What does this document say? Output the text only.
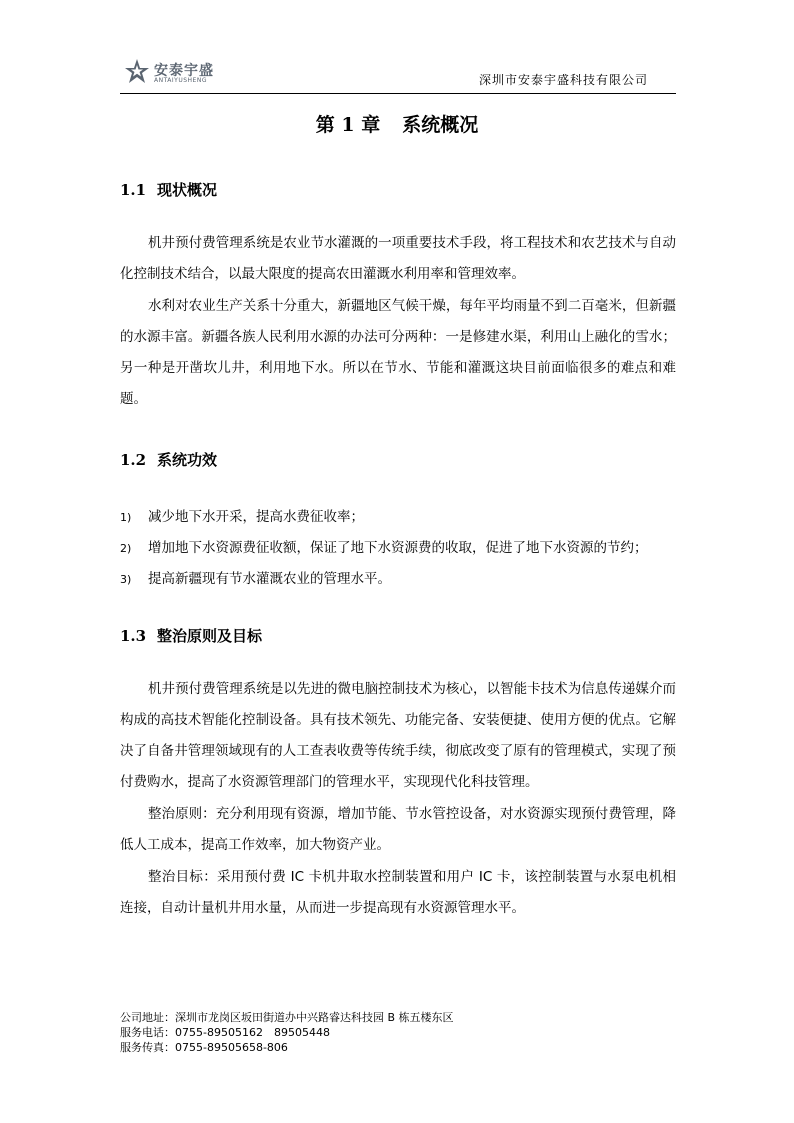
安泰宇盛
ANTAIYUSHENG	深圳市安泰宇盛科技有限公司
第 1 章 系统概况
1.1 现状概况

机井预付费管理系统是农业节水灌溉的一项重要技术手段，将工程技术和农艺技术与自动化控制技术结合，以最大限度的提高农田灌溉水利用率和管理效率。

水利对农业生产关系十分重大，新疆地区气候干燥，每年平均雨量不到二百毫米，但新疆的水源丰富。新疆各族人民利用水源的办法可分两种：一是修建水渠，利用山上融化的雪水；另一种是开凿坎儿井，利用地下水。所以在节水、节能和灌溉这块目前面临很多的难点和难题。

1.2 系统功效
1) 减少地下水开采，提高水费征收率；
2) 增加地下水资源费征收额，保证了地下水资源费的收取，促进了地下水资源的节约；
3) 提高新疆现有节水灌溉农业的管理水平。
1.3 整治原则及目标

机井预付费管理系统是以先进的微电脑控制技术为核心，以智能卡技术为信息传递媒介而构成的高技术智能化控制设备。具有技术领先、功能完备、安装便捷、使用方便的优点。它解决了自备井管理领域现有的人工查表收费等传统手续，彻底改变了原有的管理模式，实现了预付费购水，提高了水资源管理部门的管理水平，实现现代化科技管理。

整治原则：充分利用现有资源，增加节能、节水管控设备，对水资源实现预付费管理，降低人工成本，提高工作效率，加大物资产业。

整治目标：采用预付费 IC 卡机井取水控制装置和用户 IC 卡，该控制装置与水泵电机相连接，自动计量机井用水量，从而进一步提高现有水资源管理水平。

公司地址：深圳市龙岗区坂田街道办中兴路睿达科技园 B 栋五楼东区
服务电话：0755-89505162　89505448
服务传真：0755-89505658-806
